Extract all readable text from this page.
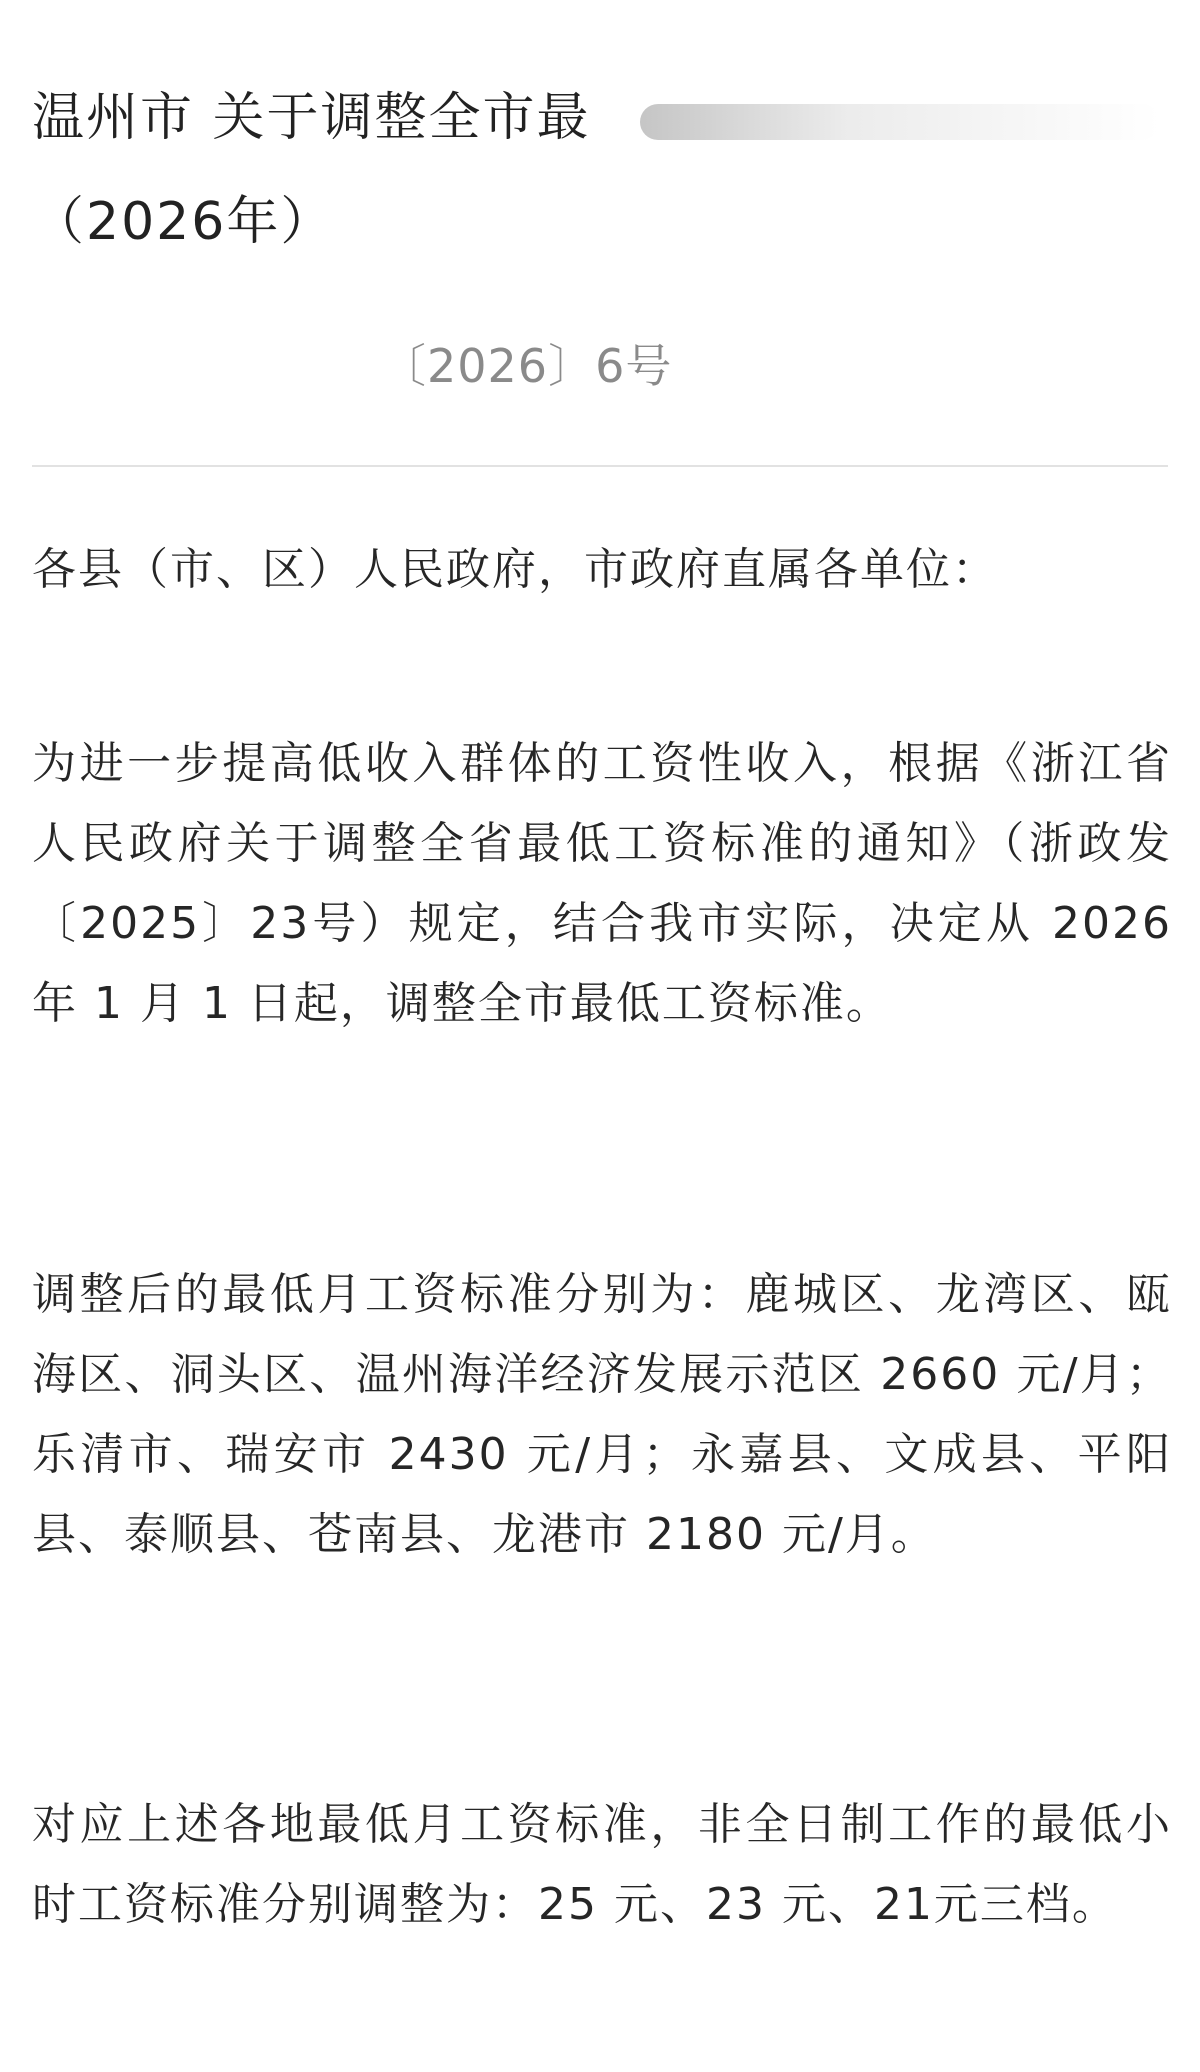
温州市 关于调整全市最
（2026年）
〔2026〕6号
各县（市、区）人民政府，市政府直属各单位：
为进一步提高低收入群体的工资性收入，根据《浙江省人民政府关于调整全省最低工资标准的通知》（浙政发〔2025〕23号）规定，结合我市实际，决定从 2026 年 1 月 1 日起，调整全市最低工资标准。
调整后的最低月工资标准分别为：鹿城区、龙湾区、瓯海区、洞头区、温州海洋经济发展示范区 2660 元/月；乐清市、瑞安市 2430 元/月；永嘉县、文成县、平阳县、泰顺县、苍南县、龙港市 2180 元/月。
对应上述各地最低月工资标准，非全日制工作的最低小时工资标准分别调整为：25 元、23 元、21元三档。
